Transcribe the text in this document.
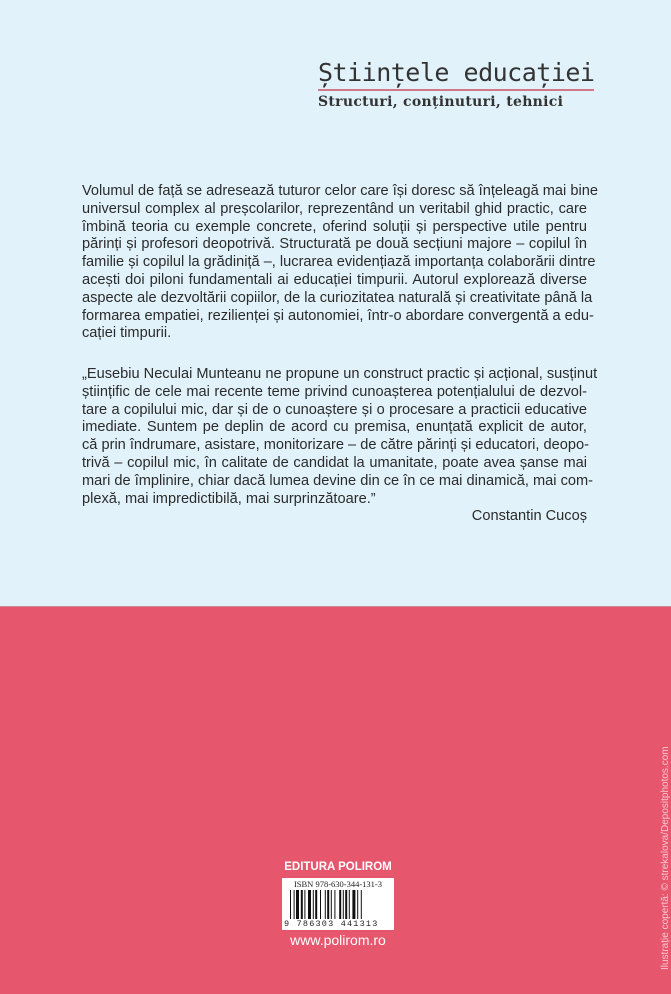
Științele educației
Structuri, conținuturi, tehnici
Volumul de față se adresează tuturor celor care își doresc să înțeleagă mai bine
universul complex al preșcolarilor, reprezentând un veritabil ghid practic, care
îmbină teoria cu exemple concrete, oferind soluții și perspective utile pentru
părinți și profesori deopotrivă. Structurată pe două secțiuni majore – copilul în
familie și copilul la grădiniță –, lucrarea evidențiază importanța colaborării dintre
acești doi piloni fundamentali ai educației timpurii. Autorul explorează diverse
aspecte ale dezvoltării copiilor, de la curiozitatea naturală și creativitate până la
formarea empatiei, rezilienței și autonomiei, într-o abordare convergentă a edu-
cației timpurii.
„Eusebiu Neculai Munteanu ne propune un construct practic și acțional, susținut
științific de cele mai recente teme privind cunoașterea potențialului de dezvol-
tare a copilului mic, dar și de o cunoaștere și o procesare a practicii educative
imediate. Suntem pe deplin de acord cu premisa, enunțată explicit de autor,
că prin îndrumare, asistare, monitorizare – de către părinți și educatori, deopo-
trivă – copilul mic, în calitate de candidat la umanitate, poate avea șanse mai
mari de împlinire, chiar dacă lumea devine din ce în ce mai dinamică, mai com-
plexă, mai impredictibilă, mai surprinzătoare.”
Constantin Cucoș
EDITURA POLIROM
ISBN 978-630-344-131-3
9 786303 441313
www.polirom.ro	Ilustrație copertă: © strekalova/Depositphotos.com
